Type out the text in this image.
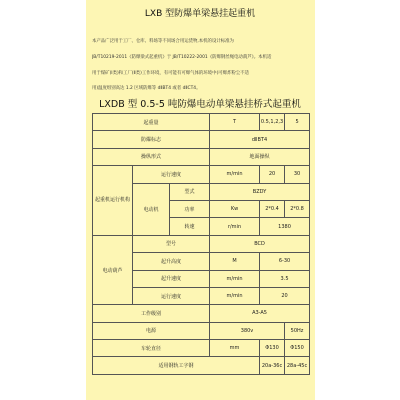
LXB 型防爆单梁悬挂起重机
本产品广泛用于工厂、仓库、料场等不同场合用运货物,本机的设计标准为
JB/T10219-2011《防爆梁式起重机》于 JB/T10222-2001《防爆钢丝绳电动葫芦》。本机适
用于煤矿(Ⅰ类)和工厂(Ⅱ类)工作环境，有可能有可爆气体的环境中(可爆炸粉尘不适
用)温度组别高达 1.2 区域防爆等 dⅡBT4 或者 dⅡCT4。
LXDB 型 0.5-5 吨防爆电动单梁悬挂桥式起重机
起重量			T	0.5,1,2,3	5
防爆标志			dⅡBT4		
操纵形式			地面操纵		
起重机运行机构	运行速度		m/min	20	30
	电动机	型式	BZDY		
		功率	Kw	2*0.4	2*0.8
		转速	r/min	1380	
电动葫芦	型号		BCD		
	起升高度		M	6-30	
	起升速度		m/min	3.5	
	运行速度		m/min	20	
工作级别			A3-A5		
电源			380v		50Hz
车轮直径			mm	Φ130	Φ150
适用钢轨工字钢				20a-36c	28a-45c
